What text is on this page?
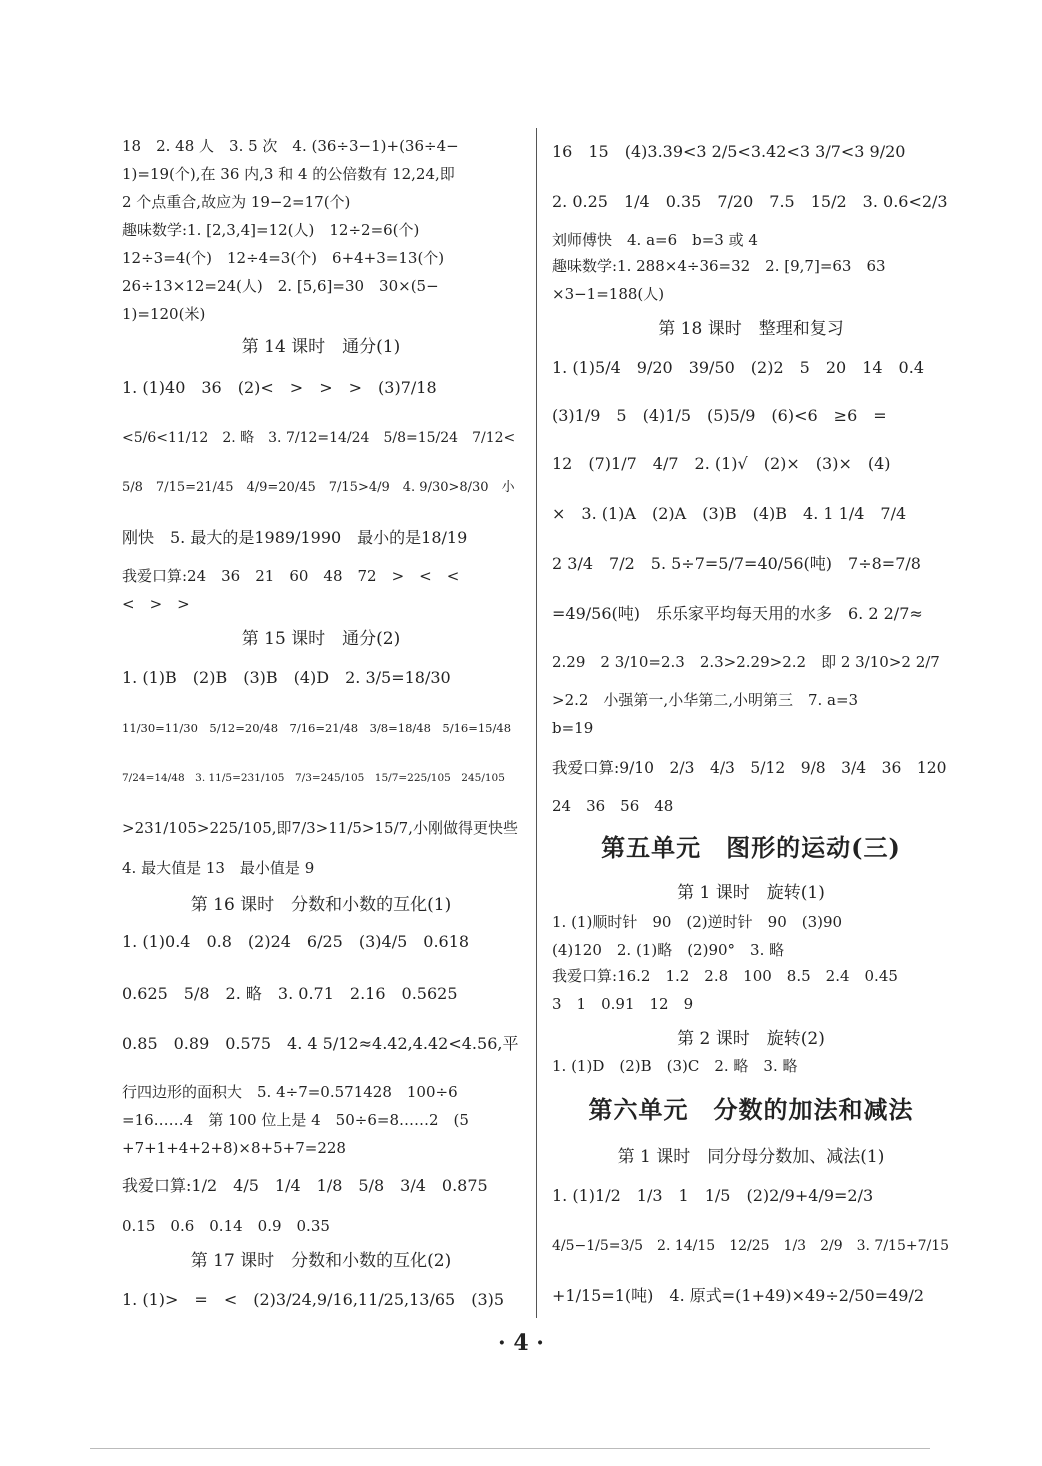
18　2. 48 人　3. 5 次　4. (36÷3−1)+(36÷4−
1)=19(个),在 36 内,3 和 4 的公倍数有 12,24,即
2 个点重合,故应为 19−2=17(个)
趣味数学:1. [2,3,4]=12(人)　12÷2=6(个)
12÷3=4(个)　12÷4=3(个)　6+4+3=13(个)
26÷13×12=24(人)　2. [5,6]=30　30×(5−
1)=120(米)
第 14 课时　通分(1)
1. (1)40　36　(2)<　>　>　>　(3)7/18
<5/6<11/12　2. 略　3. 7/12=14/24　5/8=15/24　7/12<
5/8　7/15=21/45　4/9=20/45　7/15>4/9　4. 9/30>8/30　小
刚快　5. 最大的是1989/1990　最小的是18/19
我爱口算:24　36　21　60　48　72　>　<　<
<　>　>
第 15 课时　通分(2)
1. (1)B　(2)B　(3)B　(4)D　2. 3/5=18/30
11/30=11/30　5/12=20/48　7/16=21/48　3/8=18/48　5/16=15/48
7/24=14/48　3. 11/5=231/105　7/3=245/105　15/7=225/105　245/105
>231/105>225/105,即7/3>11/5>15/7,小刚做得更快些
4. 最大值是 13　最小值是 9
第 16 课时　分数和小数的互化(1)
1. (1)0.4　0.8　(2)24　6/25　(3)4/5　0.618
0.625　5/8　2. 略　3. 0.71　2.16　0.5625
0.85　0.89　0.575　4. 4 5/12≈4.42,4.42<4.56,平
行四边形的面积大　5. 4÷7=0.571428　100÷6
=16……4　第 100 位上是 4　50÷6=8……2　(5
+7+1+4+2+8)×8+5+7=228
我爱口算:1/2　4/5　1/4　1/8　5/8　3/4　0.875
0.15　0.6　0.14　0.9　0.35
第 17 课时　分数和小数的互化(2)
1. (1)>　=　<　(2)3/24,9/16,11/25,13/65　(3)5
16　15　(4)3.39<3 2/5<3.42<3 3/7<3 9/20
2. 0.25　1/4　0.35　7/20　7.5　15/2　3. 0.6<2/3
刘师傅快　4. a=6　b=3 或 4
趣味数学:1. 288×4÷36=32　2. [9,7]=63　63
×3−1=188(人)
第 18 课时　整理和复习
1. (1)5/4　9/20　39/50　(2)2　5　20　14　0.4
(3)1/9　5　(4)1/5　(5)5/9　(6)<6　≥6　=
12　(7)1/7　4/7　2. (1)√　(2)×　(3)×　(4)
×　3. (1)A　(2)A　(3)B　(4)B　4. 1 1/4　7/4
2 3/4　7/2　5. 5÷7=5/7=40/56(吨)　7÷8=7/8
=49/56(吨)　乐乐家平均每天用的水多　6. 2 2/7≈
2.29　2 3/10=2.3　2.3>2.29>2.2　即 2 3/10>2 2/7
>2.2　小强第一,小华第二,小明第三　7. a=3
b=19
我爱口算:9/10　2/3　4/3　5/12　9/8　3/4　36　120
24　36　56　48
第五单元　图形的运动(三)
第 1 课时　旋转(1)
1. (1)顺时针　90　(2)逆时针　90　(3)90
(4)120　2. (1)略　(2)90°　3. 略
我爱口算:16.2　1.2　2.8　100　8.5　2.4　0.45
3　1　0.91　12　9
第 2 课时　旋转(2)
1. (1)D　(2)B　(3)C　2. 略　3. 略
第六单元　分数的加法和减法
第 1 课时　同分母分数加、减法(1)
1. (1)1/2　1/3　1　1/5　(2)2/9+4/9=2/3
4/5−1/5=3/5　2. 14/15　12/25　1/3　2/9　3. 7/15+7/15
+1/15=1(吨)　4. 原式=(1+49)×49÷2/50=49/2
· 4 ·
